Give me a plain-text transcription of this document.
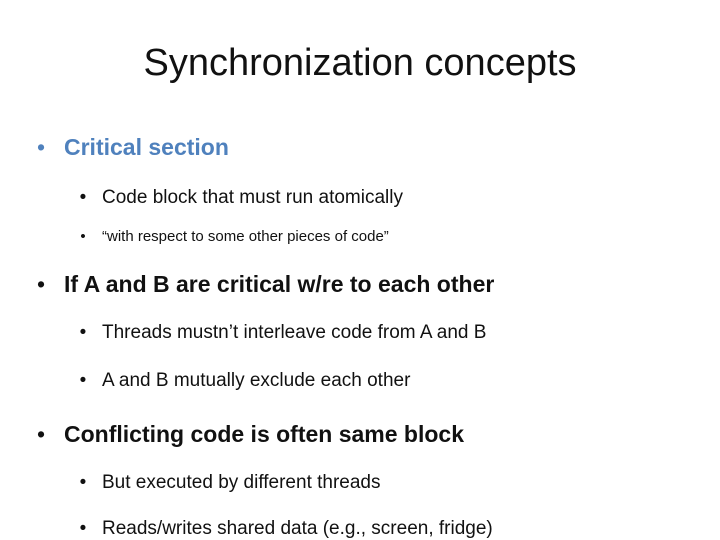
Synchronization concepts
• Critical section
• Code block that must run atomically
• “with respect to some other pieces of code”
• If A and B are critical w/re to each other
• Threads mustn’t interleave code from A and B
• A and B mutually exclude each other
• Conflicting code is often same block
• But executed by different threads
• Reads/writes shared data (e.g., screen, fridge)
